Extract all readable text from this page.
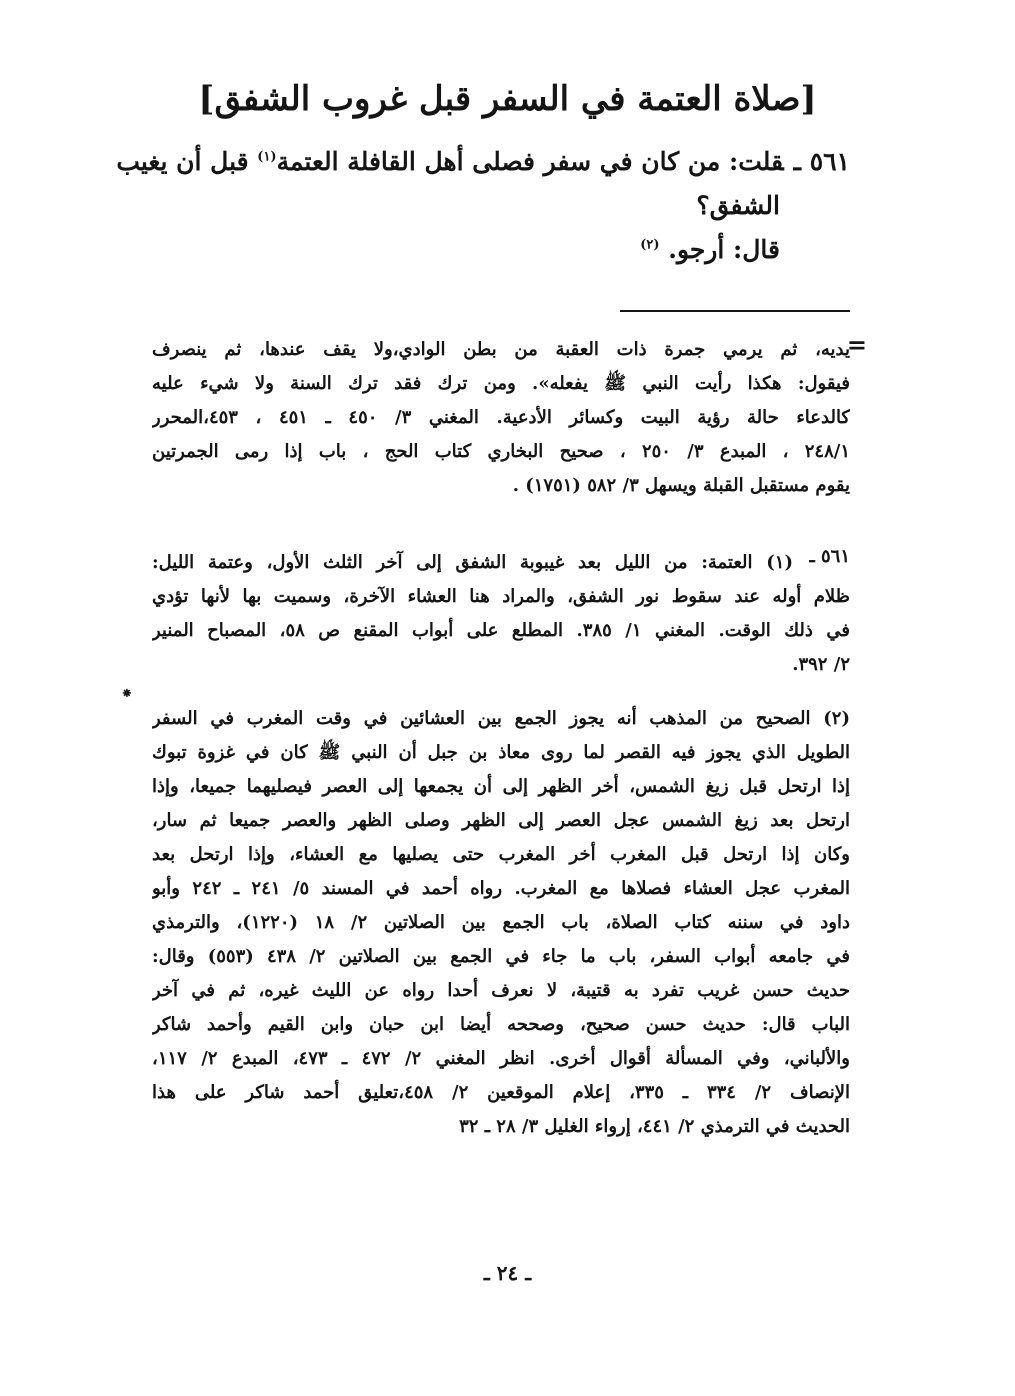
[صلاة العتمة في السفر قبل غروب الشفق]
٥٦١ ـقلت: من كان في سفر فصلى أهل القافلة العتمة$^{(١)}$ قبل أن يغيب
الشفق؟
قال: أرجو. $^{(٢)}$
=
يديه، ثم يرمي جمرة ذات العقبة من بطن الوادي،ولا يقف عندها، ثم ينصرف
فيقول: هكذا رأيت النبي ﷺ يفعله». ومن ترك فقد ترك السنة ولا شيء عليه
كالدعاء حالة رؤية البيت وكسائر الأدعية. المغني ٣/ ٤٥٠ ـ ٤٥١ ، ٤٥٣،المحرر
٢٤٨/١ ، المبدع ٣/ ٢٥٠ ، صحيح البخاري كتاب الحج ، باب إذا رمى الجمرتين
يقوم مستقبل القبلة ويسهل ٣/ ٥٨٢ (١٧٥١) .
٥٦١ ـ
(١) العتمة: من الليل بعد غيبوبة الشفق إلى آخر الثلث الأول، وعتمة الليل:
ظلام أوله عند سقوط نور الشفق، والمراد هنا العشاء الآخرة، وسميت بها لأنها تؤدي
في ذلك الوقت. المغني ١/ ٣٨٥. المطلع على أبواب المقنع ص ٥٨، المصباح المنير
٢/ ٣٩٢.
⁕
(٢) الصحيح من المذهب أنه يجوز الجمع بين العشائين في وقت المغرب في السفر
الطويل الذي يجوز فيه القصر لما روى معاذ بن جبل أن النبي ﷺ كان في غزوة تبوك
إذا ارتحل قبل زيغ الشمس، أخر الظهر إلى أن يجمعها إلى العصر فيصليهما جميعا، وإذا
ارتحل بعد زيغ الشمس عجل العصر إلى الظهر وصلى الظهر والعصر جميعا ثم سار،
وكان إذا ارتحل قبل المغرب أخر المغرب حتى يصليها مع العشاء، وإذا ارتحل بعد
المغرب عجل العشاء فصلاها مع المغرب. رواه أحمد في المسند ٥/ ٢٤١ ـ ٢٤٢ وأبو
داود في سننه كتاب الصلاة، باب الجمع بين الصلاتين ٢/ ١٨ (١٢٢٠)، والترمذي
في جامعه أبواب السفر، باب ما جاء في الجمع بين الصلاتين ٢/ ٤٣٨ (٥٥٣) وقال:
حديث حسن غريب تفرد به قتيبة، لا نعرف أحدا رواه عن الليث غيره، ثم في آخر
الباب قال: حديث حسن صحيح، وصححه أيضا ابن حبان وابن القيم وأحمد شاكر
والألباني، وفي المسألة أقوال أخرى. انظر المغني ٢/ ٤٧٢ ـ ٤٧٣، المبدع ٢/ ١١٧،
الإنصاف ٢/ ٣٣٤ ـ ٣٣٥، إعلام الموقعين ٢/ ٤٥٨،تعليق أحمد شاكر على هذا
الحديث في الترمذي ٢/ ٤٤١، إرواء الغليل ٣/ ٢٨ ـ ٣٢
ـ ٢٤ ـ
